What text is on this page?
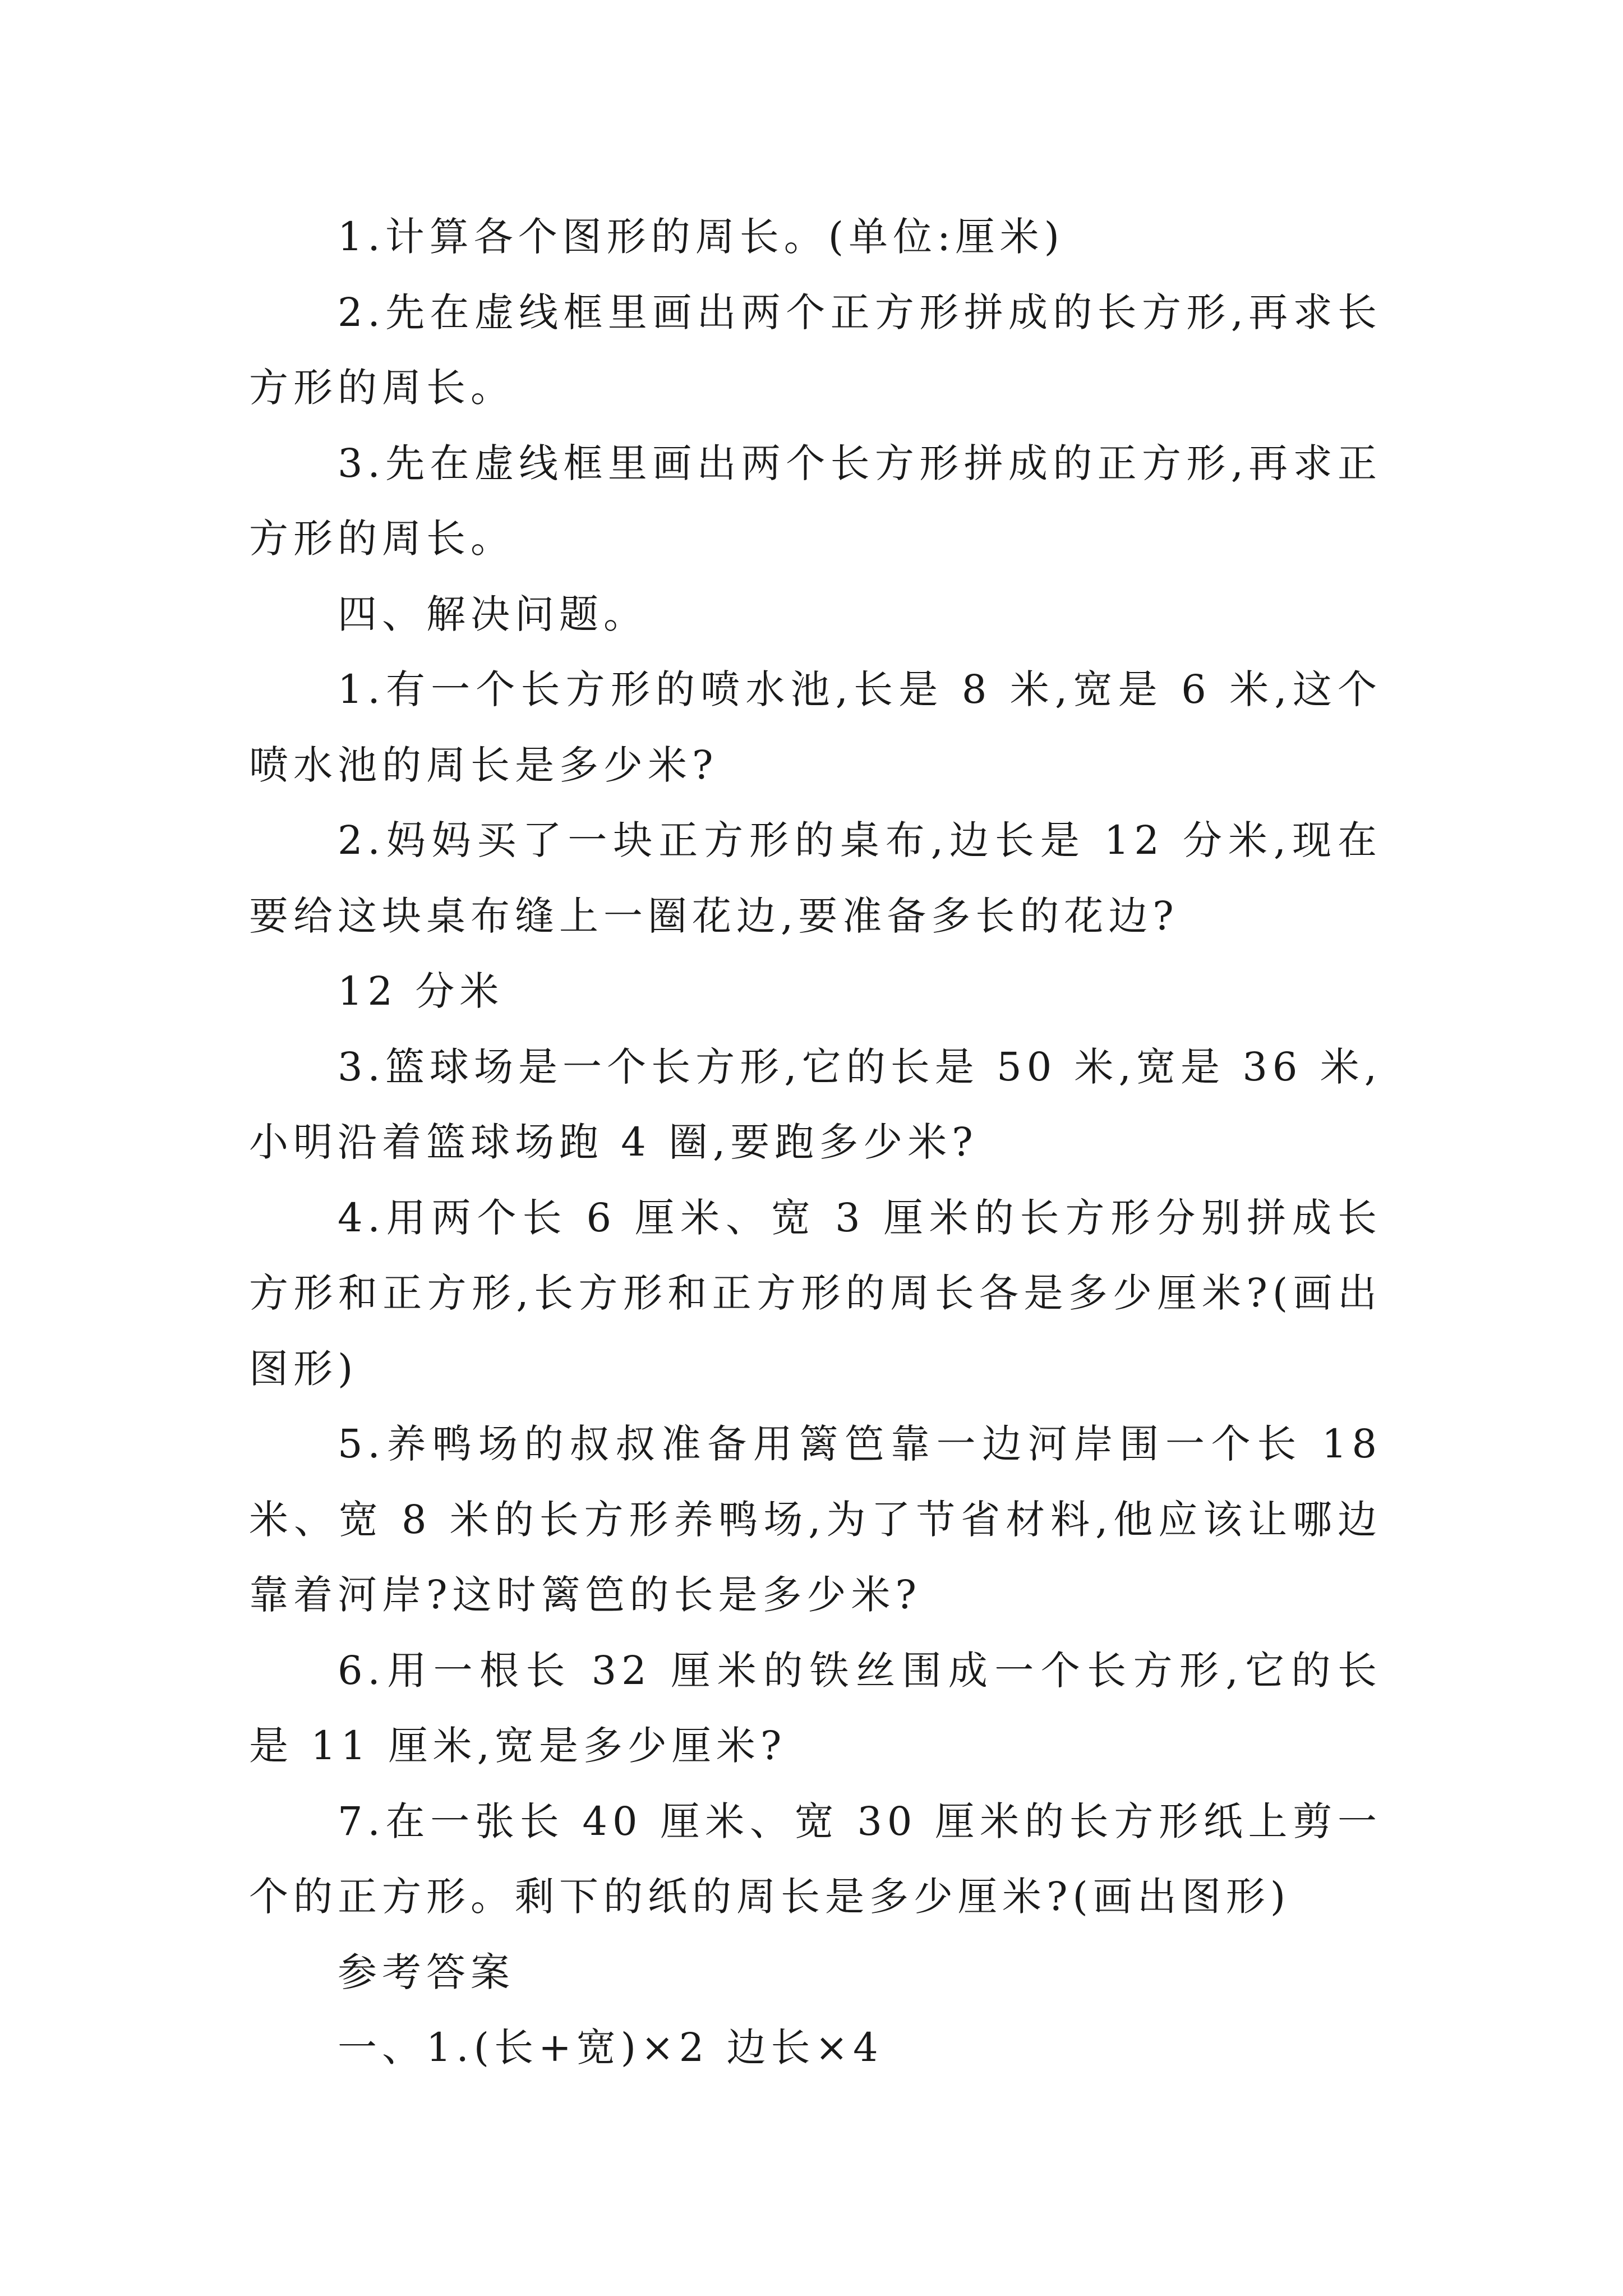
1.计算各个图形的周长。(单位:厘米)

2.先在虚线框里画出两个正方形拼成的长方形,再求长方形的周长。

3.先在虚线框里画出两个长方形拼成的正方形,再求正方形的周长。

四、解决问题。

1.有一个长方形的喷水池,长是 8 米,宽是 6 米,这个喷水池的周长是多少米?

2.妈妈买了一块正方形的桌布,边长是 12 分米,现在要给这块桌布缝上一圈花边,要准备多长的花边?

12 分米

3.篮球场是一个长方形,它的长是 50 米,宽是 36 米,小明沿着篮球场跑 4 圈,要跑多少米?

4.用两个长 6 厘米、宽 3 厘米的长方形分别拼成长方形和正方形,长方形和正方形的周长各是多少厘米?(画出图形)

5.养鸭场的叔叔准备用篱笆靠一边河岸围一个长 18 米、宽 8 米的长方形养鸭场,为了节省材料,他应该让哪边靠着河岸?这时篱笆的长是多少米?

6.用一根长 32 厘米的铁丝围成一个长方形,它的长是 11 厘米,宽是多少厘米?

7.在一张长 40 厘米、宽 30 厘米的长方形纸上剪一个的正方形。剩下的纸的周长是多少厘米?(画出图形)

参考答案

一、1.(长+宽)×2 边长×4
